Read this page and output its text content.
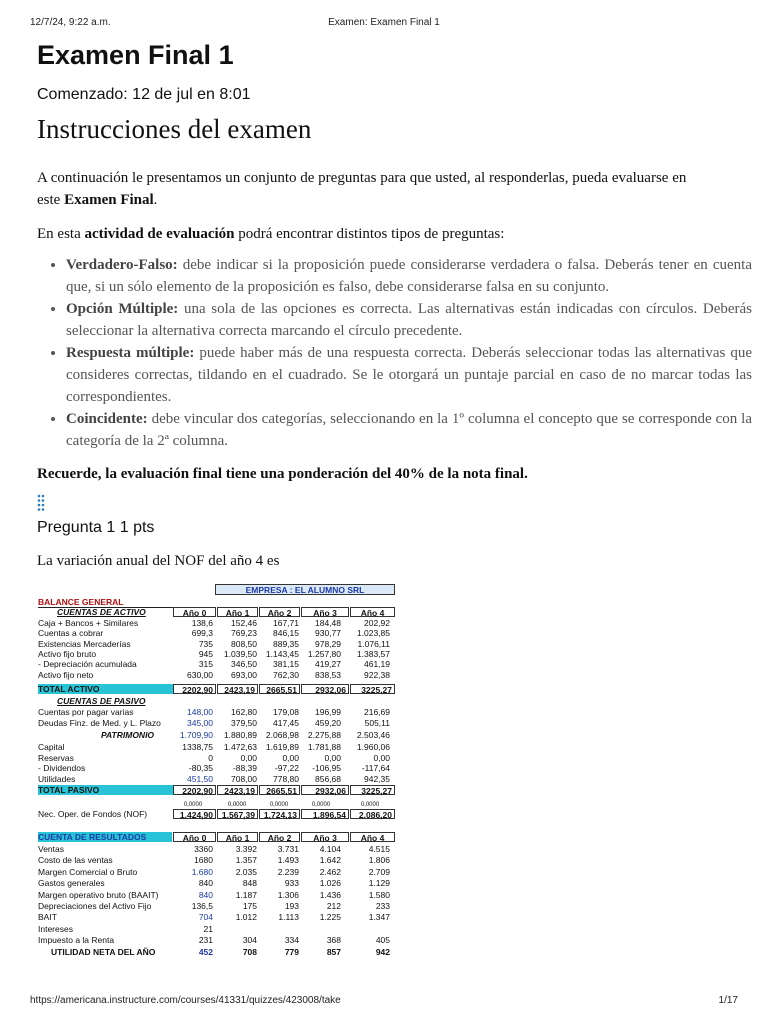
12/7/24, 9:22 a.m.	Examen: Examen Final 1
Examen Final 1
Comenzado: 12 de jul en 8:01
Instrucciones del examen
A continuación le presentamos un conjunto de preguntas para que usted, al responderlas, pueda evaluarse en este Examen Final.
En esta actividad de evaluación podrá encontrar distintos tipos de preguntas:
• Verdadero-Falso: debe indicar si la proposición puede considerarse verdadera o falsa. Deberás tener en cuenta que, si un sólo elemento de la proposición es falso, debe considerarse falsa en su conjunto.
• Opción Múltiple: una sola de las opciones es correcta. Las alternativas están indicadas con círculos. Deberás seleccionar la alternativa correcta marcando el círculo precedente.
• Respuesta múltiple: puede haber más de una respuesta correcta. Deberás seleccionar todas las alternativas que consideres correctas, tildando en el cuadrado. Se le otorgará un puntaje parcial en caso de no marcar todas las correspondientes.
• Coincidente: debe vincular dos categorías, seleccionando en la 1º columna el concepto que se corresponde con la categoría de la 2ª columna.
Recuerde, la evaluación final tiene una ponderación del 40% de la nota final.
Pregunta 1 1 pts
La variación anual del NOF del año 4 es
EMPRESA : EL ALUMNO SRL
BALANCE GENERAL
CUENTAS DE ACTIVO
CUENTAS DE PASIVO
Año 0	Año 1	Año 2	Año 3	Año 4
Caja + Bancos + Similares	138,6	152,46	167,71	184,48	202,92
Cuentas a cobrar	699,3	769,23	846,15	930,77	1.023,85
Existencias Mercaderías	735	808,50	889,35	978,29	1.076,11
Activo fijo bruto	945	1.039,50	1.143,45	1.257,80	1.383,57
- Depreciación acumulada	315	346,50	381,15	419,27	461,19
Activo fijo neto	630,00	693,00	762,30	838,53	922,38
TOTAL ACTIVO	2202,90	2423,19	2665,51	2932,06	3225,27
Cuentas por pagar varias	148,00	162,80	179,08	196,99	216,69
Deudas Finz. de Med. y L. Plazo	345,00	379,50	417,45	459,20	505,11
PATRIMONIO	1.709,90	1.880,89	2.068,98	2.275,88	2.503,46
Capital	1338,75	1.472,63	1.619,89	1.781,88	1.960,06
Reservas	0	0,00	0,00	0,00	0,00
- Dividendos	-80,35	-88,39	-97,22	-106,95	-117,64
Utilidades	451,50	708,00	778,80	856,68	942,35
TOTAL PASIVO	2202,90	2423,19	2665,51	2932,06	3225,27
0,0000	0,0000	0,0000	0,0000	0,0000
Nec. Oper. de Fondos (NOF)	1.424,90	1.567,39	1.724,13	1.896,54	2.086,20
CUENTA DE RESULTADOS	Año 0	Año 1	Año 2	Año 3	Año 4
Ventas	3360	3.392	3.731	4.104	4.515
Costo de las ventas	1680	1.357	1.493	1.642	1.806
Margen Comercial o Bruto	1.680	2.035	2.239	2.462	2.709
Gastos generales	840	848	933	1.026	1.129
Margen operativo bruto (BAAIT)	840	1.187	1.306	1.436	1.580
Depreciaciones del Activo Fijo	136,5	175	193	212	233
BAIT	704	1.012	1.113	1.225	1.347
Intereses	21
Impuesto a la Renta	231	304	334	368	405
UTILIDAD NETA DEL AÑO	452	708	779	857	942
https://americana.instructure.com/courses/41331/quizzes/423008/take	1/17
